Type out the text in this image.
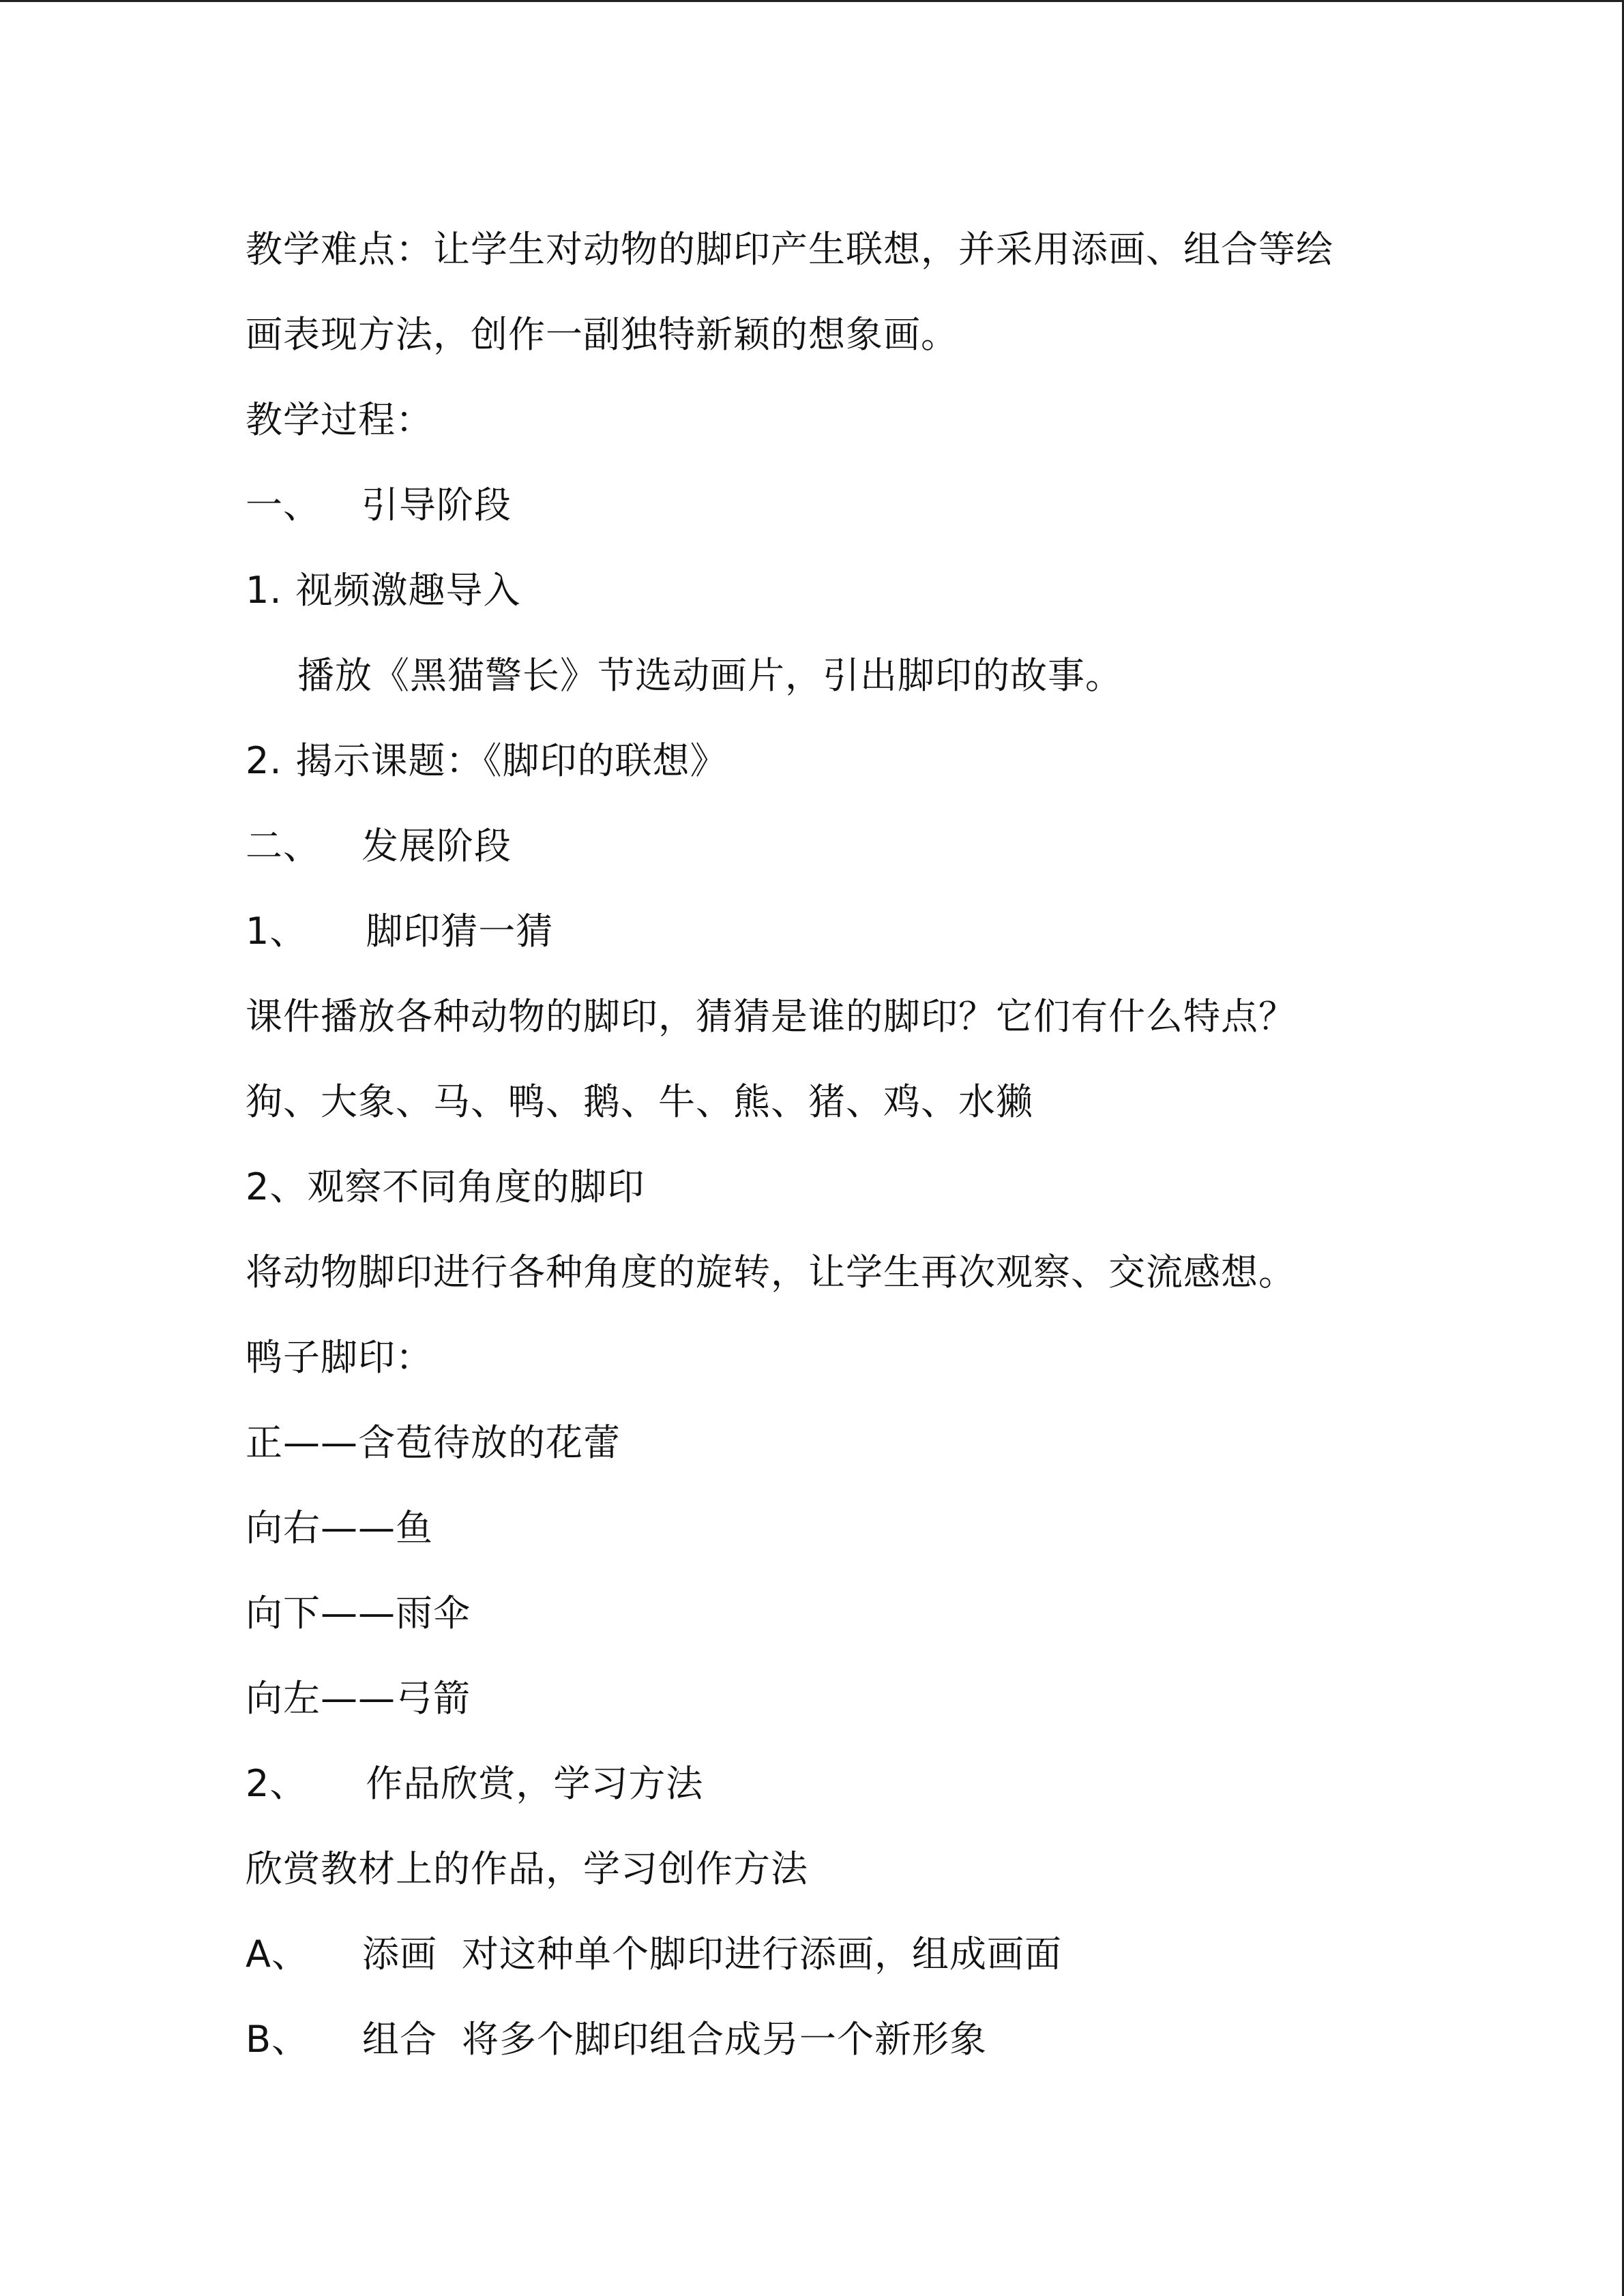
教学难点：让学生对动物的脚印产生联想，并采用添画、组合等绘
画表现方法，创作一副独特新颖的想象画。
教学过程：
一、 引导阶段
1. 视频激趣导入
播放《黑猫警长》节选动画片，引出脚印的故事。
2. 揭示课题：《脚印的联想》
二、 发展阶段
1、 脚印猜一猜
课件播放各种动物的脚印，猜猜是谁的脚印？它们有什么特点？
狗、大象、马、鸭、鹅、牛、熊、猪、鸡、水獭
2、观察不同角度的脚印
将动物脚印进行各种角度的旋转，让学生再次观察、交流感想。
鸭子脚印：
正——含苞待放的花蕾
向右——鱼
向下——雨伞
向左——弓箭
2、 作品欣赏，学习方法
欣赏教材上的作品，学习创作方法
A、 添画 对这种单个脚印进行添画，组成画面
B、 组合 将多个脚印组合成另一个新形象
